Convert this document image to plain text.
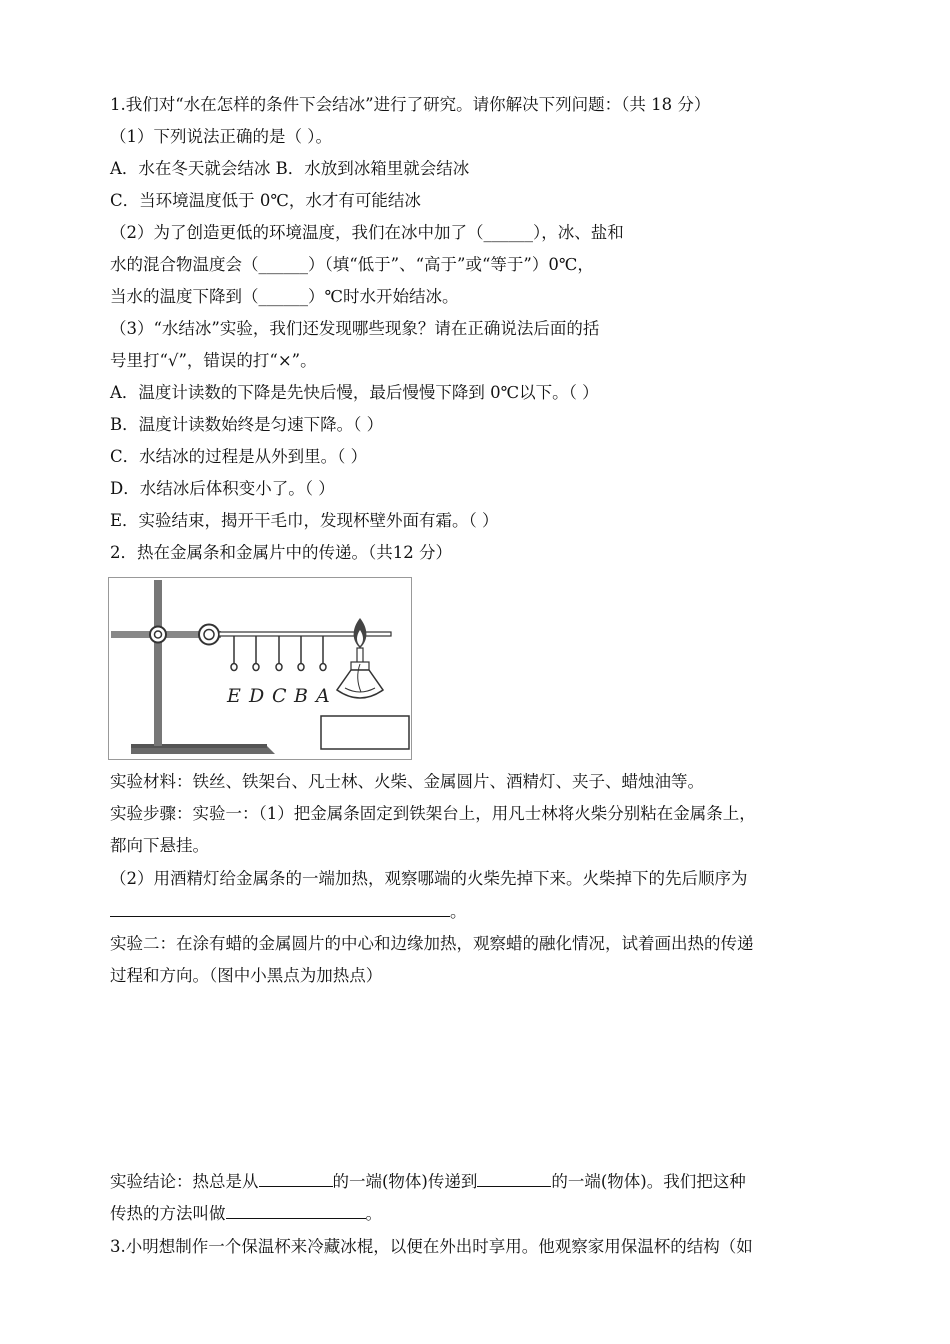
1.我们对“水在怎样的条件下会结冰”进行了研究。请你解决下列问题：（共 18 分）
（1）下列说法正确的是（ ）。
A．水在冬天就会结冰 B．水放到冰箱里就会结冰
C．当环境温度低于 0℃，水才有可能结冰
（2）为了创造更低的环境温度，我们在冰中加了（______），冰、盐和
水的混合物温度会（______）（填“低于”、“高于”或“等于”）0℃，
当水的温度下降到（______）℃时水开始结冰。
（3）“水结冰”实验，我们还发现哪些现象？请在正确说法后面的括
号里打“√”，错误的打“×”。
A．温度计读数的下降是先快后慢，最后慢慢下降到 0℃以下。（ ）
B．温度计读数始终是匀速下降。（ ）
C．水结冰的过程是从外到里。（ ）
D．水结冰后体积变小了。（ ）
E．实验结束，揭开干毛巾，发现杯壁外面有霜。（ ）
2．热在金属条和金属片中的传递。（共12 分）
E D C B A
实验材料：铁丝、铁架台、凡士林、火柴、金属圆片、酒精灯、夹子、蜡烛油等。
实验步骤：实验一：（1）把金属条固定到铁架台上，用凡士林将火柴分别粘在金属条上，
都向下悬挂。
（2）用酒精灯给金属条的一端加热，观察哪端的火柴先掉下来。火柴掉下的先后顺序为
。
实验二：在涂有蜡的金属圆片的中心和边缘加热，观察蜡的融化情况，试着画出热的传递
过程和方向。（图中小黑点为加热点）
实验结论：热总是从	的一端(物体)传递到	的一端(物体)。我们把这种
传热的方法叫做	。
3.小明想制作一个保温杯来冷藏冰棍，以便在外出时享用。他观察家用保温杯的结构（如
